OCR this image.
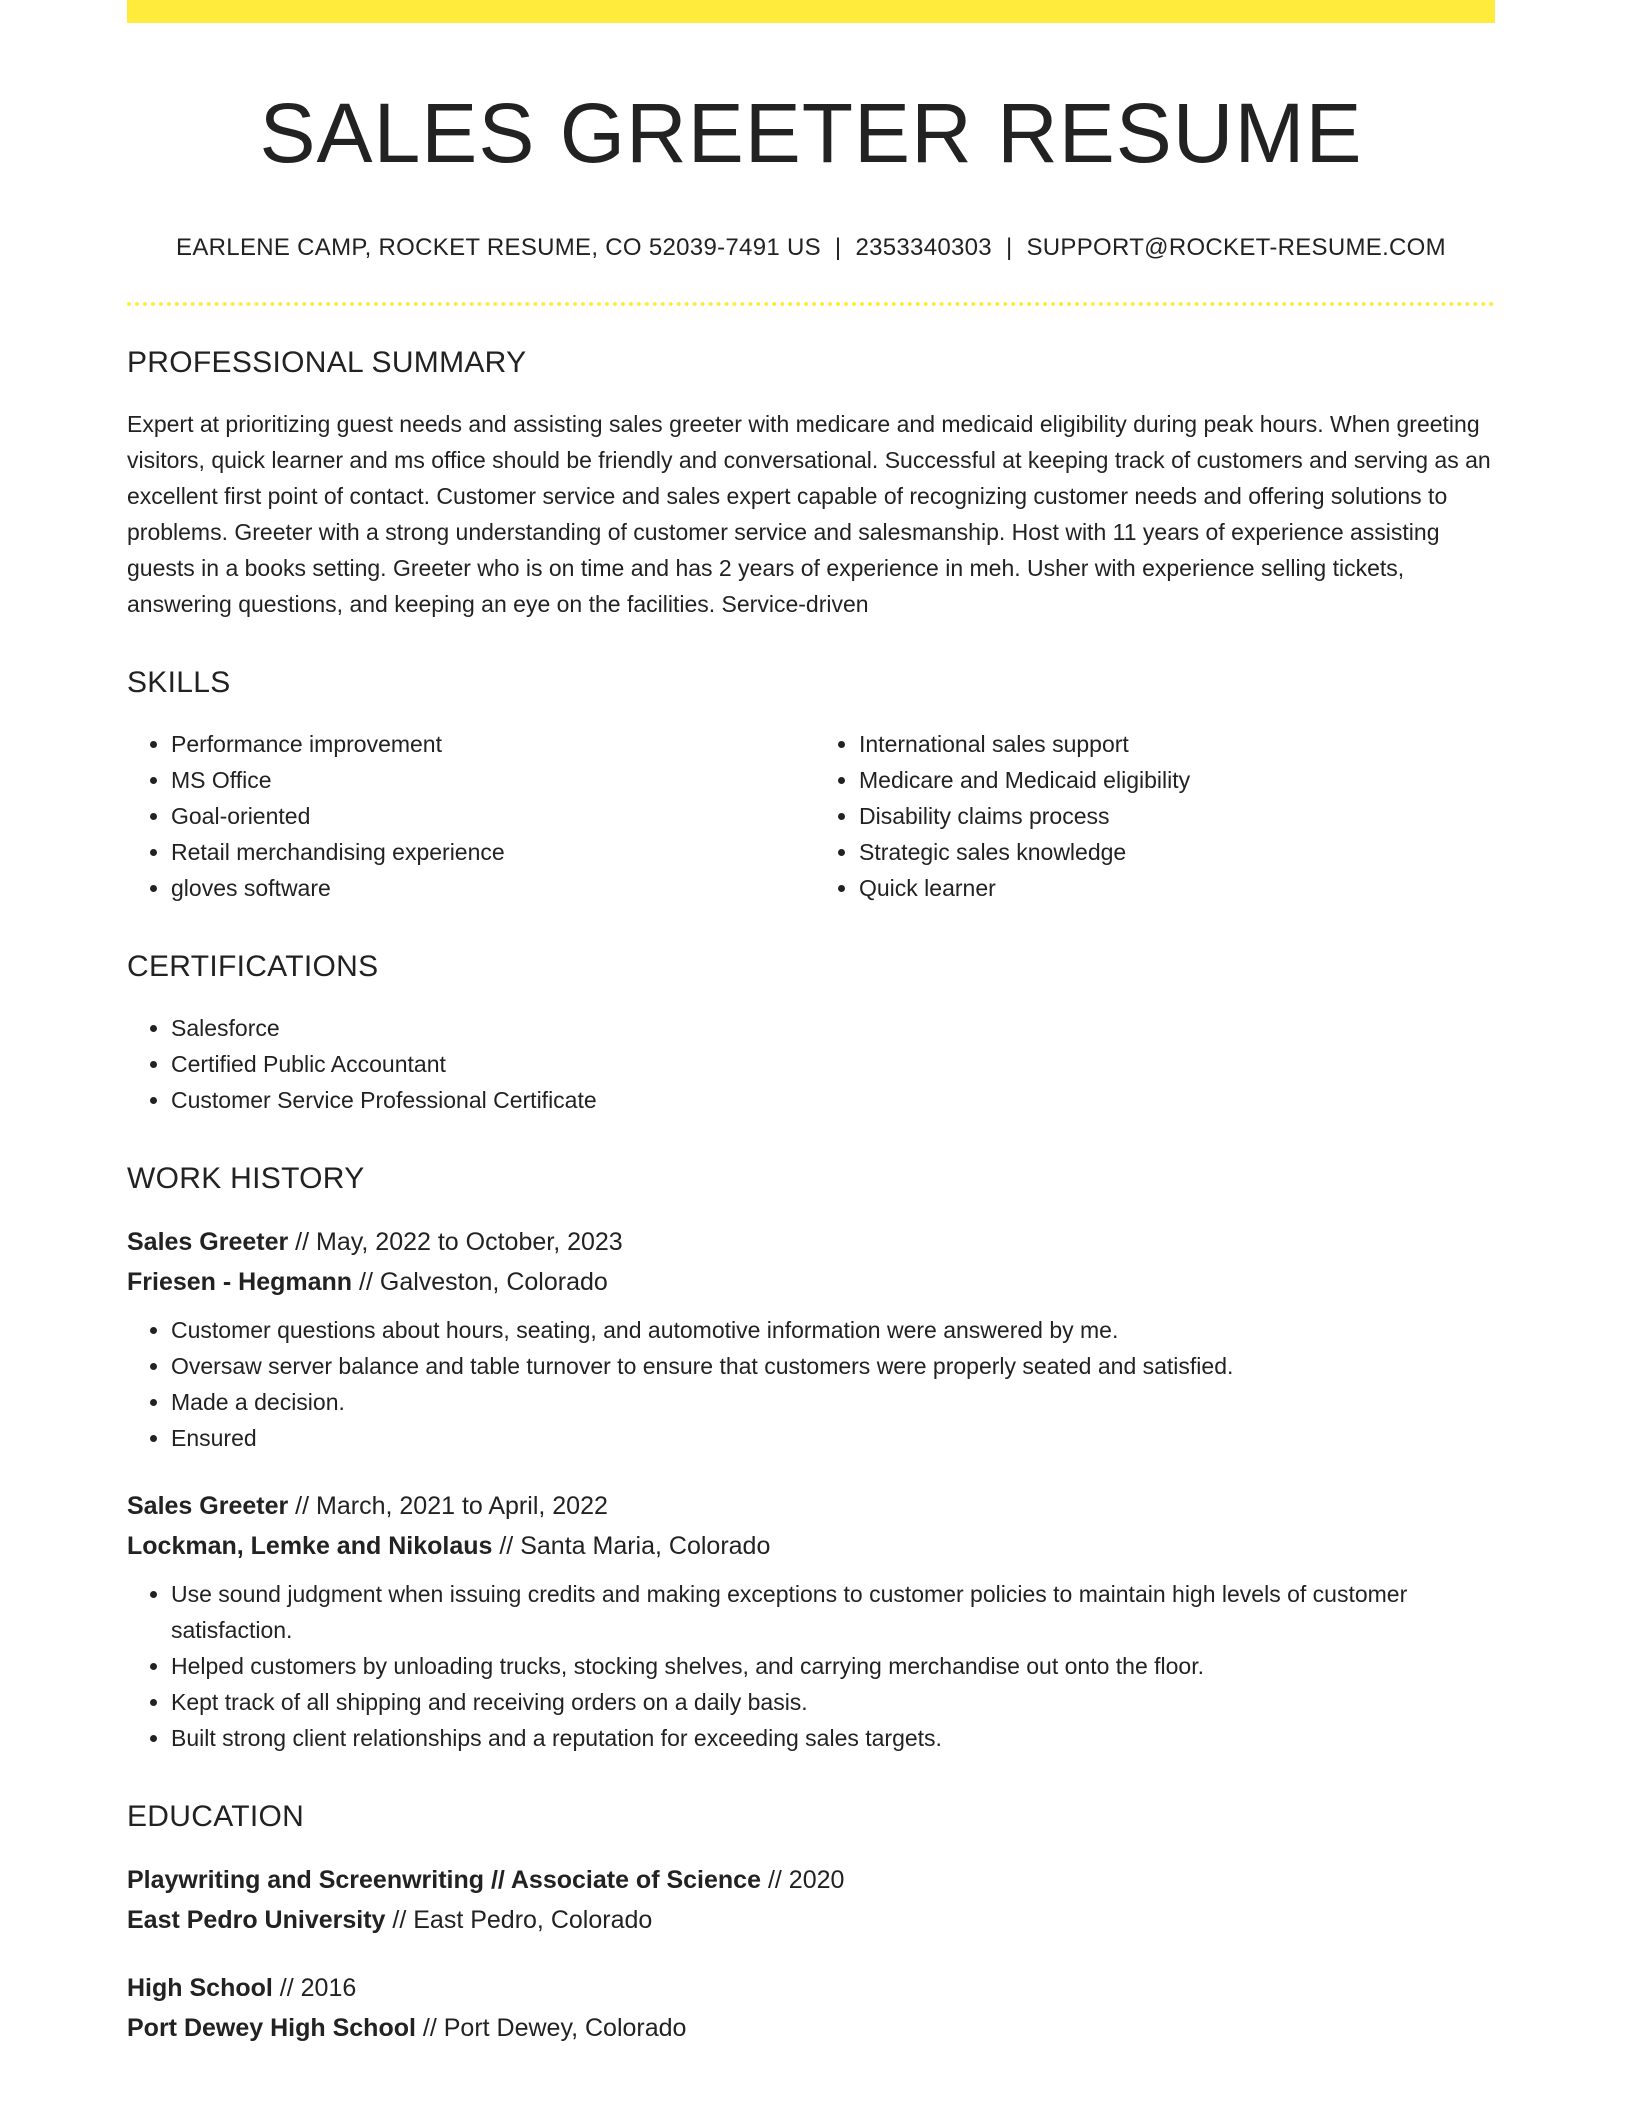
SALES GREETER RESUME
EARLENE CAMP, ROCKET RESUME, CO 52039-7491 US | 2353340303 | SUPPORT@ROCKET-RESUME.COM
PROFESSIONAL SUMMARY

Expert at prioritizing guest needs and assisting sales greeter with medicare and medicaid eligibility during peak hours. When greeting visitors, quick learner and ms office should be friendly and conversational. Successful at keeping track of customers and serving as an excellent first point of contact. Customer service and sales expert capable of recognizing customer needs and offering solutions to problems. Greeter with a strong understanding of customer service and salesmanship. Host with 11 years of experience assisting guests in a books setting. Greeter who is on time and has 2 years of experience in meh. Usher with experience selling tickets, answering questions, and keeping an eye on the facilities. Service-driven

SKILLS
• Performance improvement
• MS Office
• Goal-oriented
• Retail merchandising experience
• gloves software
• International sales support
• Medicare and Medicaid eligibility
• Disability claims process
• Strategic sales knowledge
• Quick learner
CERTIFICATIONS
• Salesforce
• Certified Public Accountant
• Customer Service Professional Certificate
WORK HISTORY
Sales Greeter // May, 2022 to October, 2023
Friesen - Hegmann // Galveston, Colorado
• Customer questions about hours, seating, and automotive information were answered by me.
• Oversaw server balance and table turnover to ensure that customers were properly seated and satisfied.
• Made a decision.
• Ensured
Sales Greeter // March, 2021 to April, 2022
Lockman, Lemke and Nikolaus // Santa Maria, Colorado
• Use sound judgment when issuing credits and making exceptions to customer policies to maintain high levels of customer satisfaction.
• Helped customers by unloading trucks, stocking shelves, and carrying merchandise out onto the floor.
• Kept track of all shipping and receiving orders on a daily basis.
• Built strong client relationships and a reputation for exceeding sales targets.
EDUCATION
Playwriting and Screenwriting // Associate of Science // 2020
East Pedro University // East Pedro, Colorado
High School // 2016
Port Dewey High School // Port Dewey, Colorado
